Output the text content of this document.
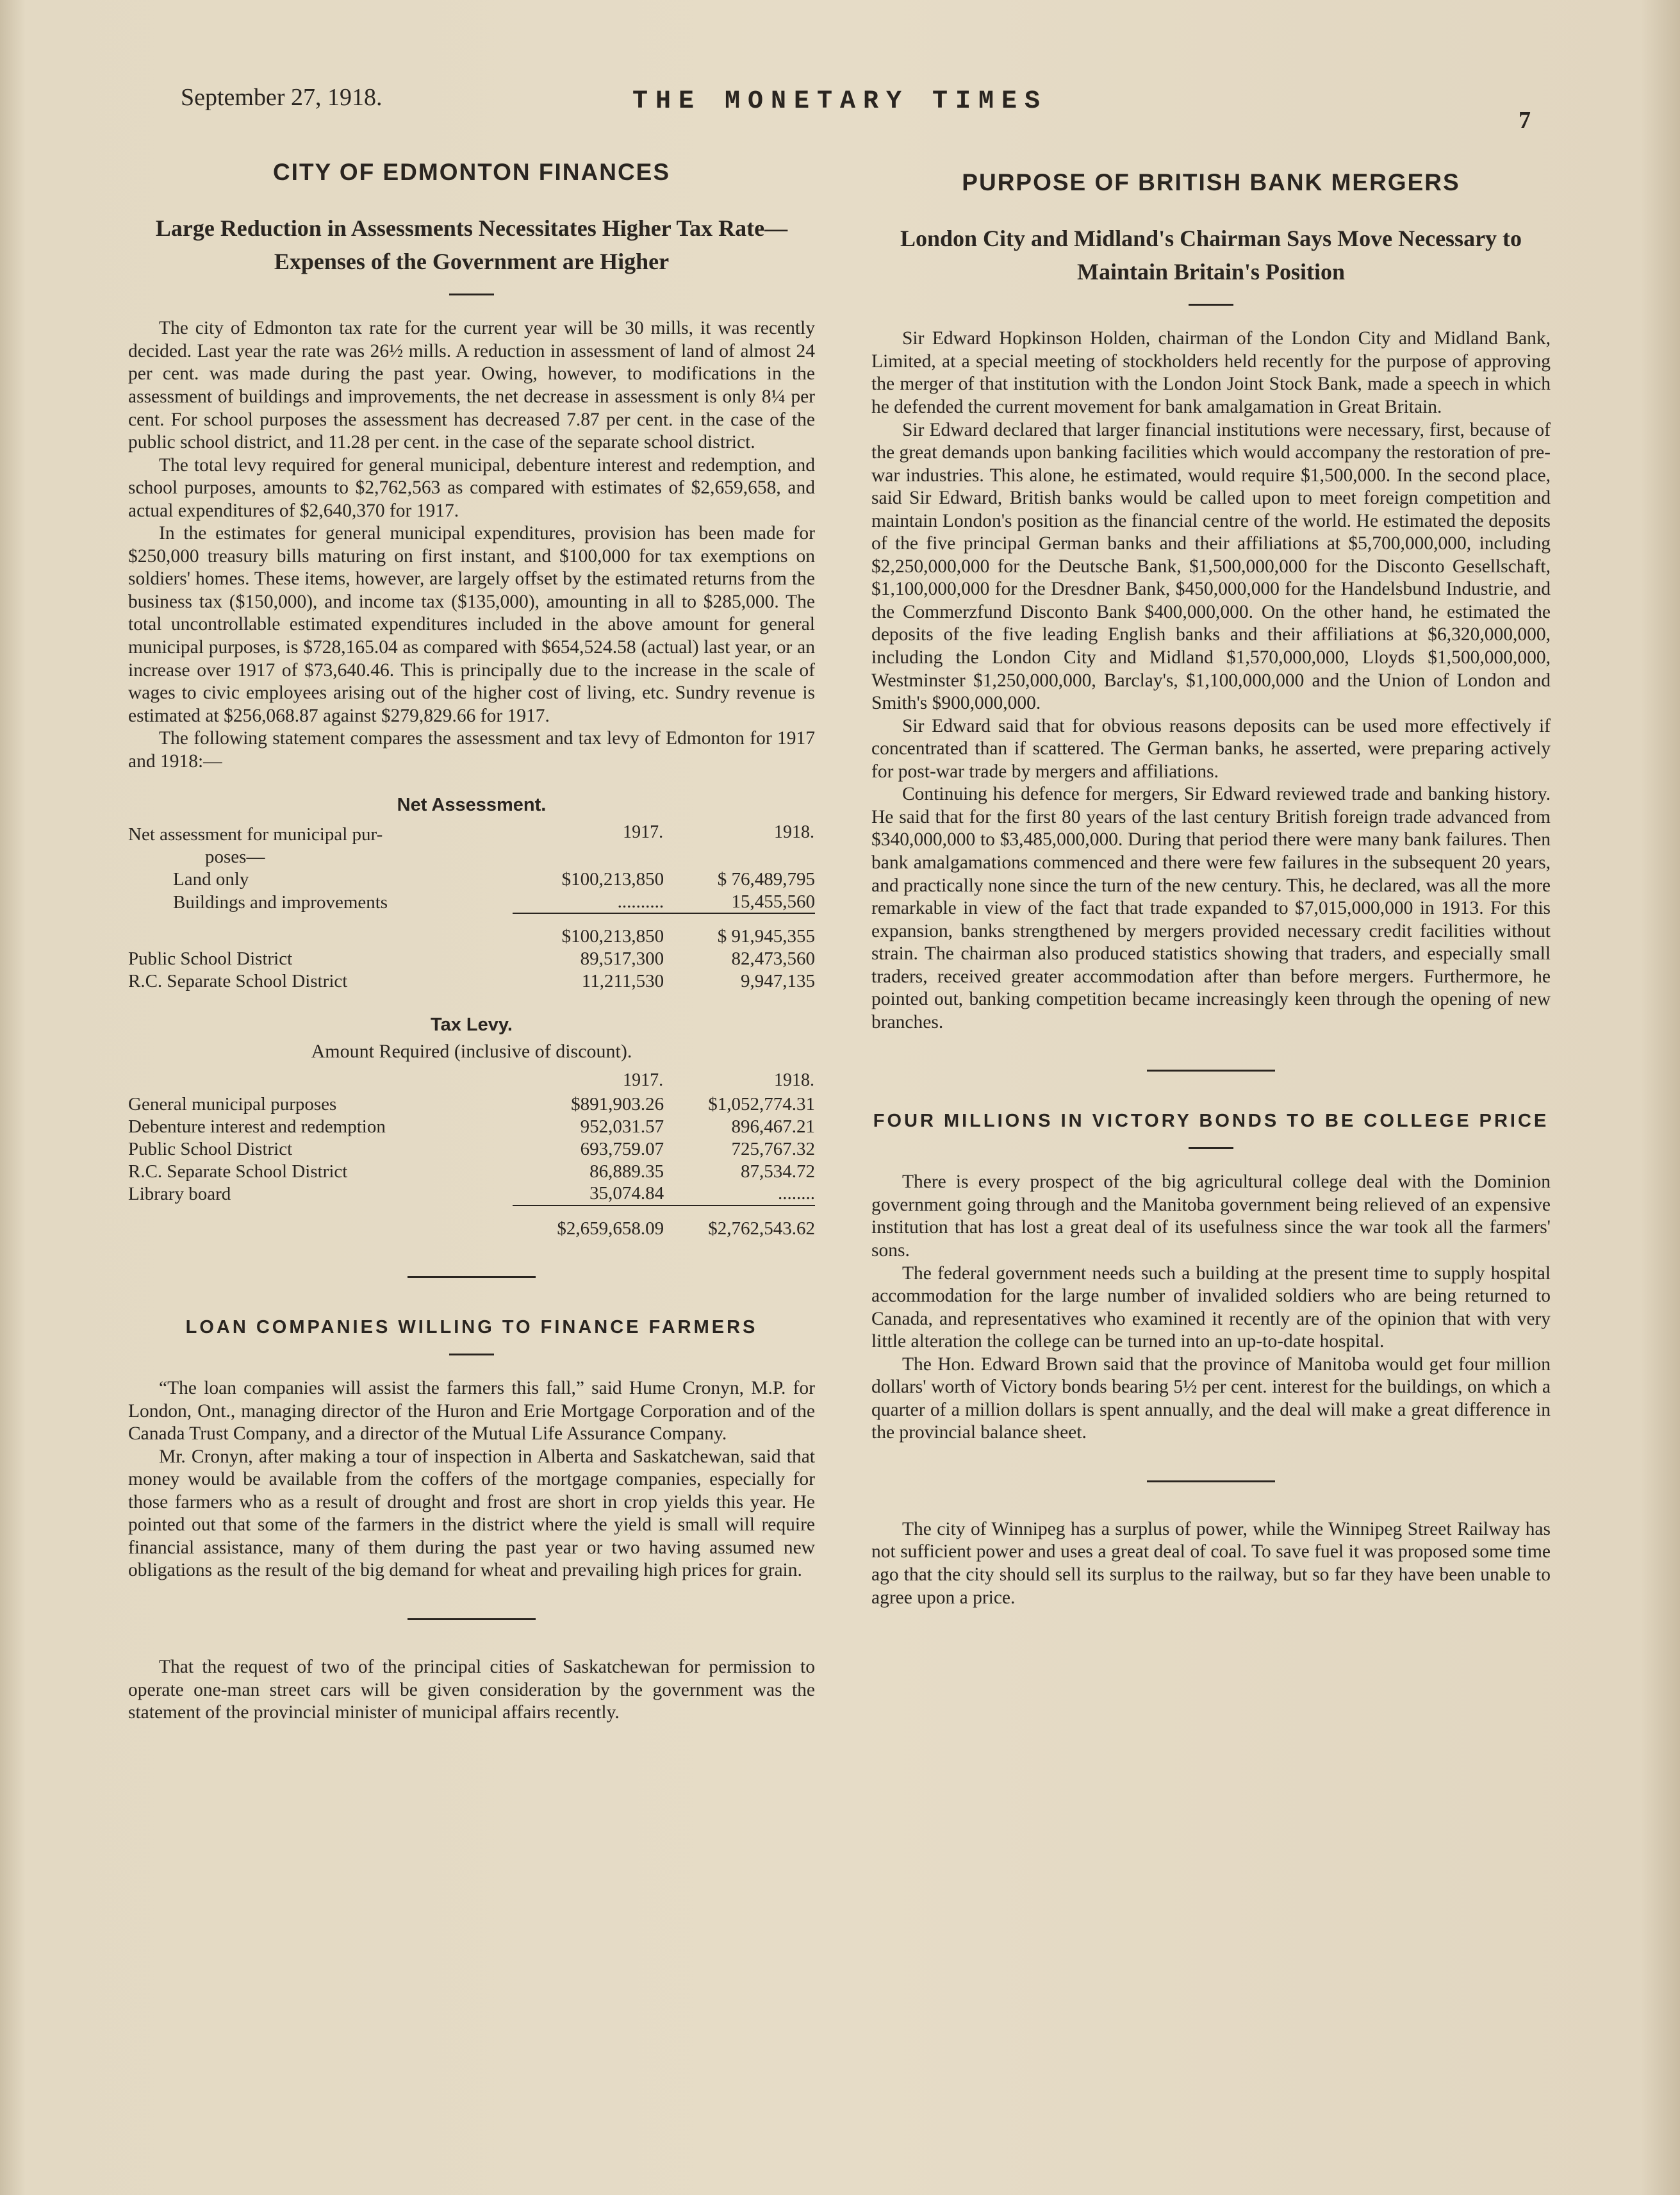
September 27, 1918.	THE MONETARY TIMES
7
CITY OF EDMONTON FINANCES
Large Reduction in Assessments Necessitates Higher Tax Rate—Expenses of the Government are Higher

The city of Edmonton tax rate for the current year will be 30 mills, it was recently decided. Last year the rate was 26½ mills. A reduction in assessment of land of almost 24 per cent. was made during the past year. Owing, however, to modifications in the assessment of buildings and improvements, the net decrease in assessment is only 8¼ per cent. For school purposes the assessment has decreased 7.87 per cent. in the case of the public school district, and 11.28 per cent. in the case of the separate school district.

The total levy required for general municipal, debenture interest and redemption, and school purposes, amounts to $2,762,563 as compared with estimates of $2,659,658, and actual expenditures of $2,640,370 for 1917.

In the estimates for general municipal expenditures, provision has been made for $250,000 treasury bills maturing on first instant, and $100,000 for tax exemptions on soldiers' homes. These items, however, are largely offset by the estimated returns from the business tax ($150,000), and income tax ($135,000), amounting in all to $285,000. The total uncontrollable estimated expenditures included in the above amount for general municipal purposes, is $728,165.04 as compared with $654,524.58 (actual) last year, or an increase over 1917 of $73,640.46. This is principally due to the increase in the scale of wages to civic employees arising out of the higher cost of living, etc. Sundry revenue is estimated at $256,068.87 against $279,829.66 for 1917.

The following statement compares the assessment and tax levy of Edmonton for 1917 and 1918:—

Net Assessment.
Net assessment for municipal pur-	1917.	1918.
poses—		
Land only	$100,213,850	$ 76,489,795
Buildings and improvements	..........	15,455,560
	$100,213,850	$ 91,945,355
Public School District	89,517,300	82,473,560
R.C. Separate School District	11,211,530	9,947,135
Tax Levy.
Amount Required (inclusive of discount).
	1917.	1918.
General municipal purposes	$891,903.26	$1,052,774.31
Debenture interest and redemption	952,031.57	896,467.21
Public School District	693,759.07	725,767.32
R.C. Separate School District	86,889.35	87,534.72
Library board	35,074.84	........
	$2,659,658.09	$2,762,543.62
LOAN COMPANIES WILLING TO FINANCE FARMERS

“The loan companies will assist the farmers this fall,” said Hume Cronyn, M.P. for London, Ont., managing director of the Huron and Erie Mortgage Corporation and of the Canada Trust Company, and a director of the Mutual Life Assurance Company.

Mr. Cronyn, after making a tour of inspection in Alberta and Saskatchewan, said that money would be available from the coffers of the mortgage companies, especially for those farmers who as a result of drought and frost are short in crop yields this year. He pointed out that some of the farmers in the district where the yield is small will require financial assistance, many of them during the past year or two having assumed new obligations as the result of the big demand for wheat and prevailing high prices for grain.

That the request of two of the principal cities of Saskatchewan for permission to operate one-man street cars will be given consideration by the government was the statement of the provincial minister of municipal affairs recently.

PURPOSE OF BRITISH BANK MERGERS
London City and Midland's Chairman Says Move Necessary to Maintain Britain's Position

Sir Edward Hopkinson Holden, chairman of the London City and Midland Bank, Limited, at a special meeting of stockholders held recently for the purpose of approving the merger of that institution with the London Joint Stock Bank, made a speech in which he defended the current movement for bank amalgamation in Great Britain.

Sir Edward declared that larger financial institutions were necessary, first, because of the great demands upon banking facilities which would accompany the restoration of pre-war industries. This alone, he estimated, would require $1,500,000. In the second place, said Sir Edward, British banks would be called upon to meet foreign competition and maintain London's position as the financial centre of the world. He estimated the deposits of the five principal German banks and their affiliations at $5,700,000,000, including $2,250,000,000 for the Deutsche Bank, $1,500,000,000 for the Disconto Gesellschaft, $1,100,000,000 for the Dresdner Bank, $450,000,000 for the Handelsbund Industrie, and the Commerzfund Disconto Bank $400,000,000. On the other hand, he estimated the deposits of the five leading English banks and their affiliations at $6,320,000,000, including the London City and Midland $1,570,000,000, Lloyds $1,500,000,000, Westminster $1,250,000,000, Barclay's, $1,100,000,000 and the Union of London and Smith's $900,000,000.

Sir Edward said that for obvious reasons deposits can be used more effectively if concentrated than if scattered. The German banks, he asserted, were preparing actively for post-war trade by mergers and affiliations.

Continuing his defence for mergers, Sir Edward reviewed trade and banking history. He said that for the first 80 years of the last century British foreign trade advanced from $340,000,000 to $3,485,000,000. During that period there were many bank failures. Then bank amalgamations commenced and there were few failures in the subsequent 20 years, and practically none since the turn of the new century. This, he declared, was all the more remarkable in view of the fact that trade expanded to $7,015,000,000 in 1913. For this expansion, banks strengthened by mergers provided necessary credit facilities without strain. The chairman also produced statistics showing that traders, and especially small traders, received greater accommodation after than before mergers. Furthermore, he pointed out, banking competition became increasingly keen through the opening of new branches.

FOUR MILLIONS IN VICTORY BONDS TO BE COLLEGE PRICE

There is every prospect of the big agricultural college deal with the Dominion government going through and the Manitoba government being relieved of an expensive institution that has lost a great deal of its usefulness since the war took all the farmers' sons.

The federal government needs such a building at the present time to supply hospital accommodation for the large number of invalided soldiers who are being returned to Canada, and representatives who examined it recently are of the opinion that with very little alteration the college can be turned into an up-to-date hospital.

The Hon. Edward Brown said that the province of Manitoba would get four million dollars' worth of Victory bonds bearing 5½ per cent. interest for the buildings, on which a quarter of a million dollars is spent annually, and the deal will make a great difference in the provincial balance sheet.

The city of Winnipeg has a surplus of power, while the Winnipeg Street Railway has not sufficient power and uses a great deal of coal. To save fuel it was proposed some time ago that the city should sell its surplus to the railway, but so far they have been unable to agree upon a price.
